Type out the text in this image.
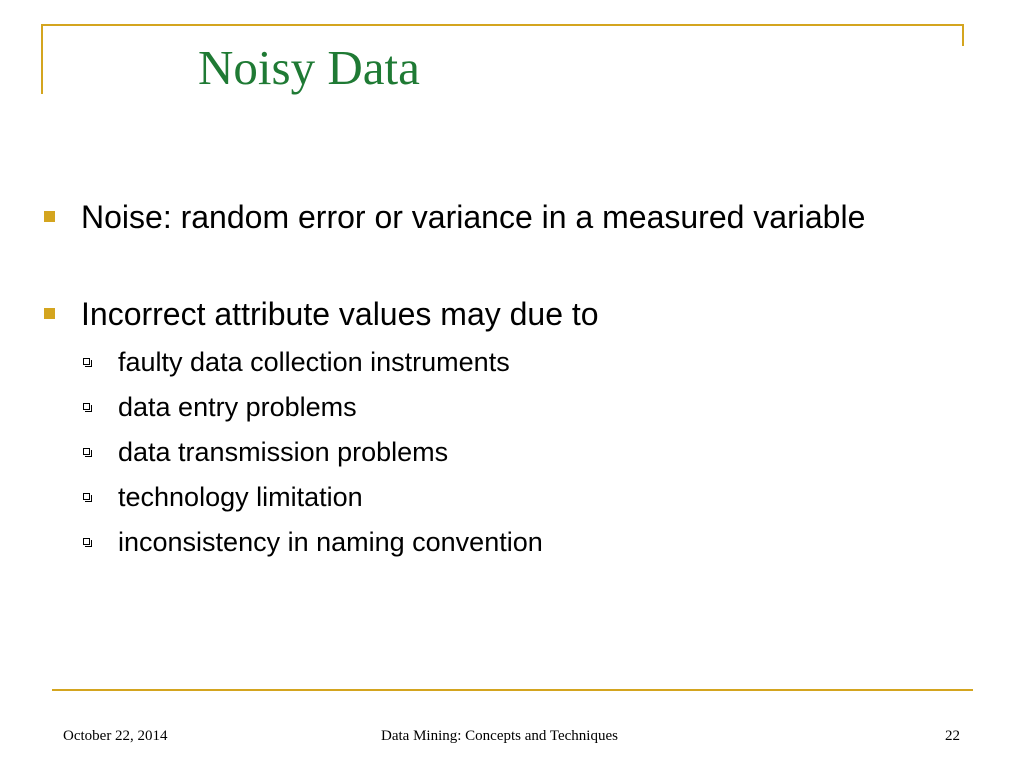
Noisy Data
Noise: random error or variance in a measured variable
Incorrect attribute values may due to
faulty data collection instruments
data entry problems
data transmission problems
technology limitation
inconsistency in naming convention
October 22, 2014	Data Mining: Concepts and Techniques	22
